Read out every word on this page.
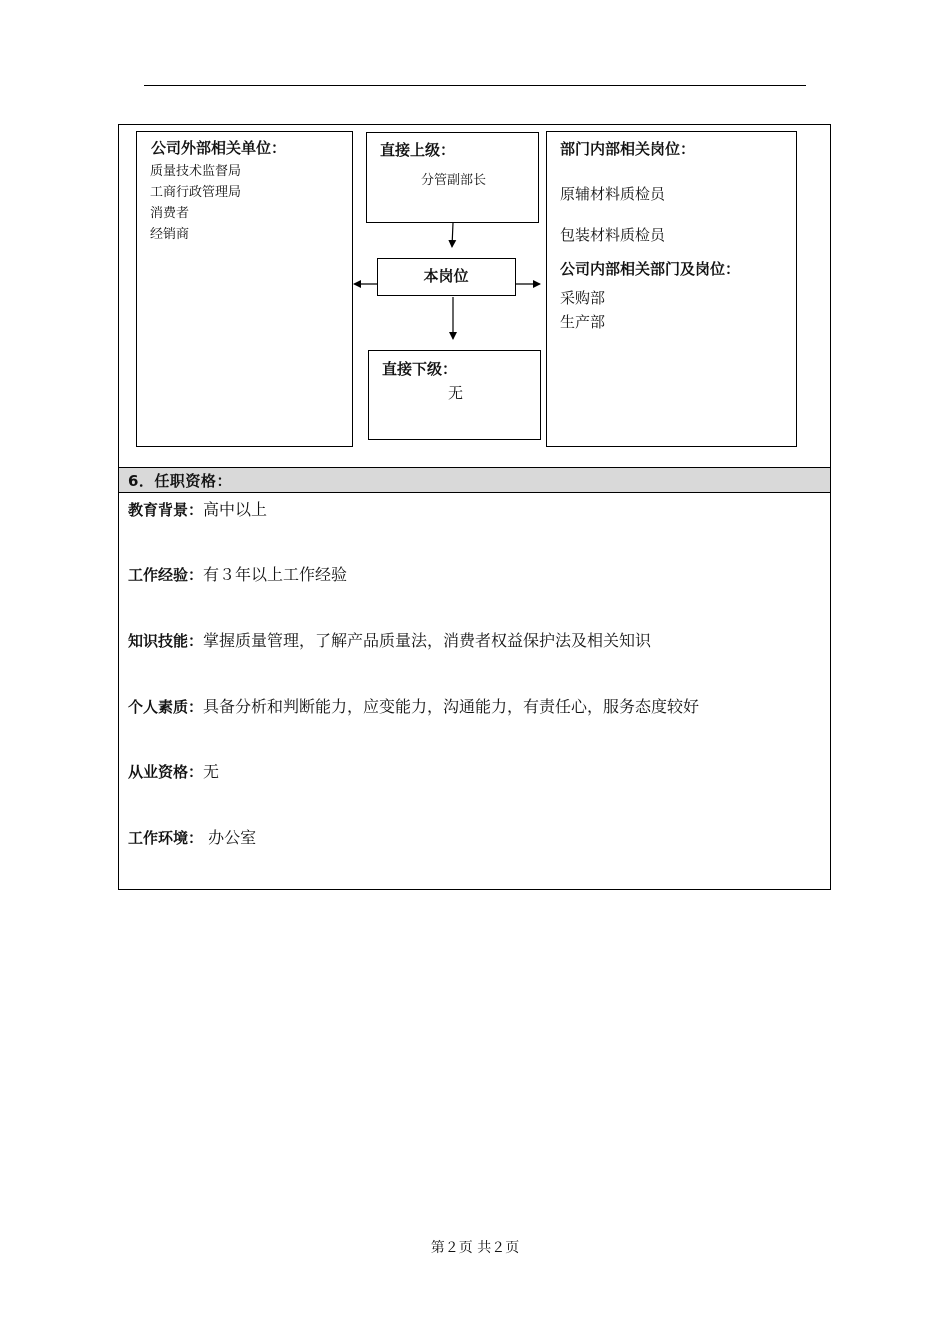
公司外部相关单位：
质量技术监督局
工商行政管理局
消费者
经销商
直接上级：
分管副部长
本岗位
直接下级：
无
部门内部相关岗位：
原辅材料质检员
包装材料质检员
公司内部相关部门及岗位：
采购部
生产部
6．任职资格：
教育背景：高中以上
工作经验：有３年以上工作经验
知识技能：掌握质量管理，了解产品质量法，消费者权益保护法及相关知识
个人素质：具备分析和判断能力，应变能力，沟通能力，有责任心，服务态度较好
从业资格：无
工作环境： 办公室
第２页 共２页
